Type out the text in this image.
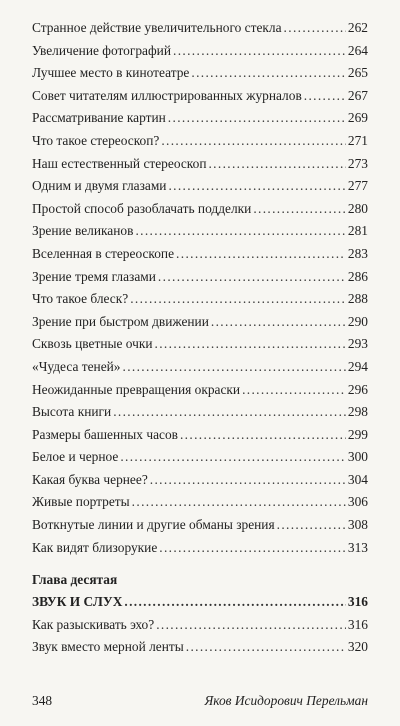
Странное действие увеличительного стекла . . .	262
Увеличение фотографий . . .	264
Лучшее место в кинотеатре . . .	265
Совет читателям иллюстрированных журналов . . .	267
Рассматривание картин . . .	269
Что такое стереоскоп? . . .	271
Наш естественный стереоскоп . . .	273
Одним и двумя глазами . . .	277
Простой способ разоблачать подделки . . .	280
Зрение великанов . . .	281
Вселенная в стереоскопе . . .	283
Зрение тремя глазами . . .	286
Что такое блеск? . . .	288
Зрение при быстром движении . . .	290
Сквозь цветные очки . . .	293
«Чудеса теней» . . .	294
Неожиданные превращения окраски . . .	296
Высота книги . . .	298
Размеры башенных часов . . .	299
Белое и черное . . .	300
Какая буква чернее? . . .	304
Живые портреты . . .	306
Воткнутые линии и другие обманы зрения . . .	308
Как видят близорукие . . .	313
Глава десятая
ЗВУК И СЛУХ . . .	316
Как разыскивать эхо? . . .	316
Звук вместо мерной ленты . . .	320
348	Яков Исидорович Перельман
